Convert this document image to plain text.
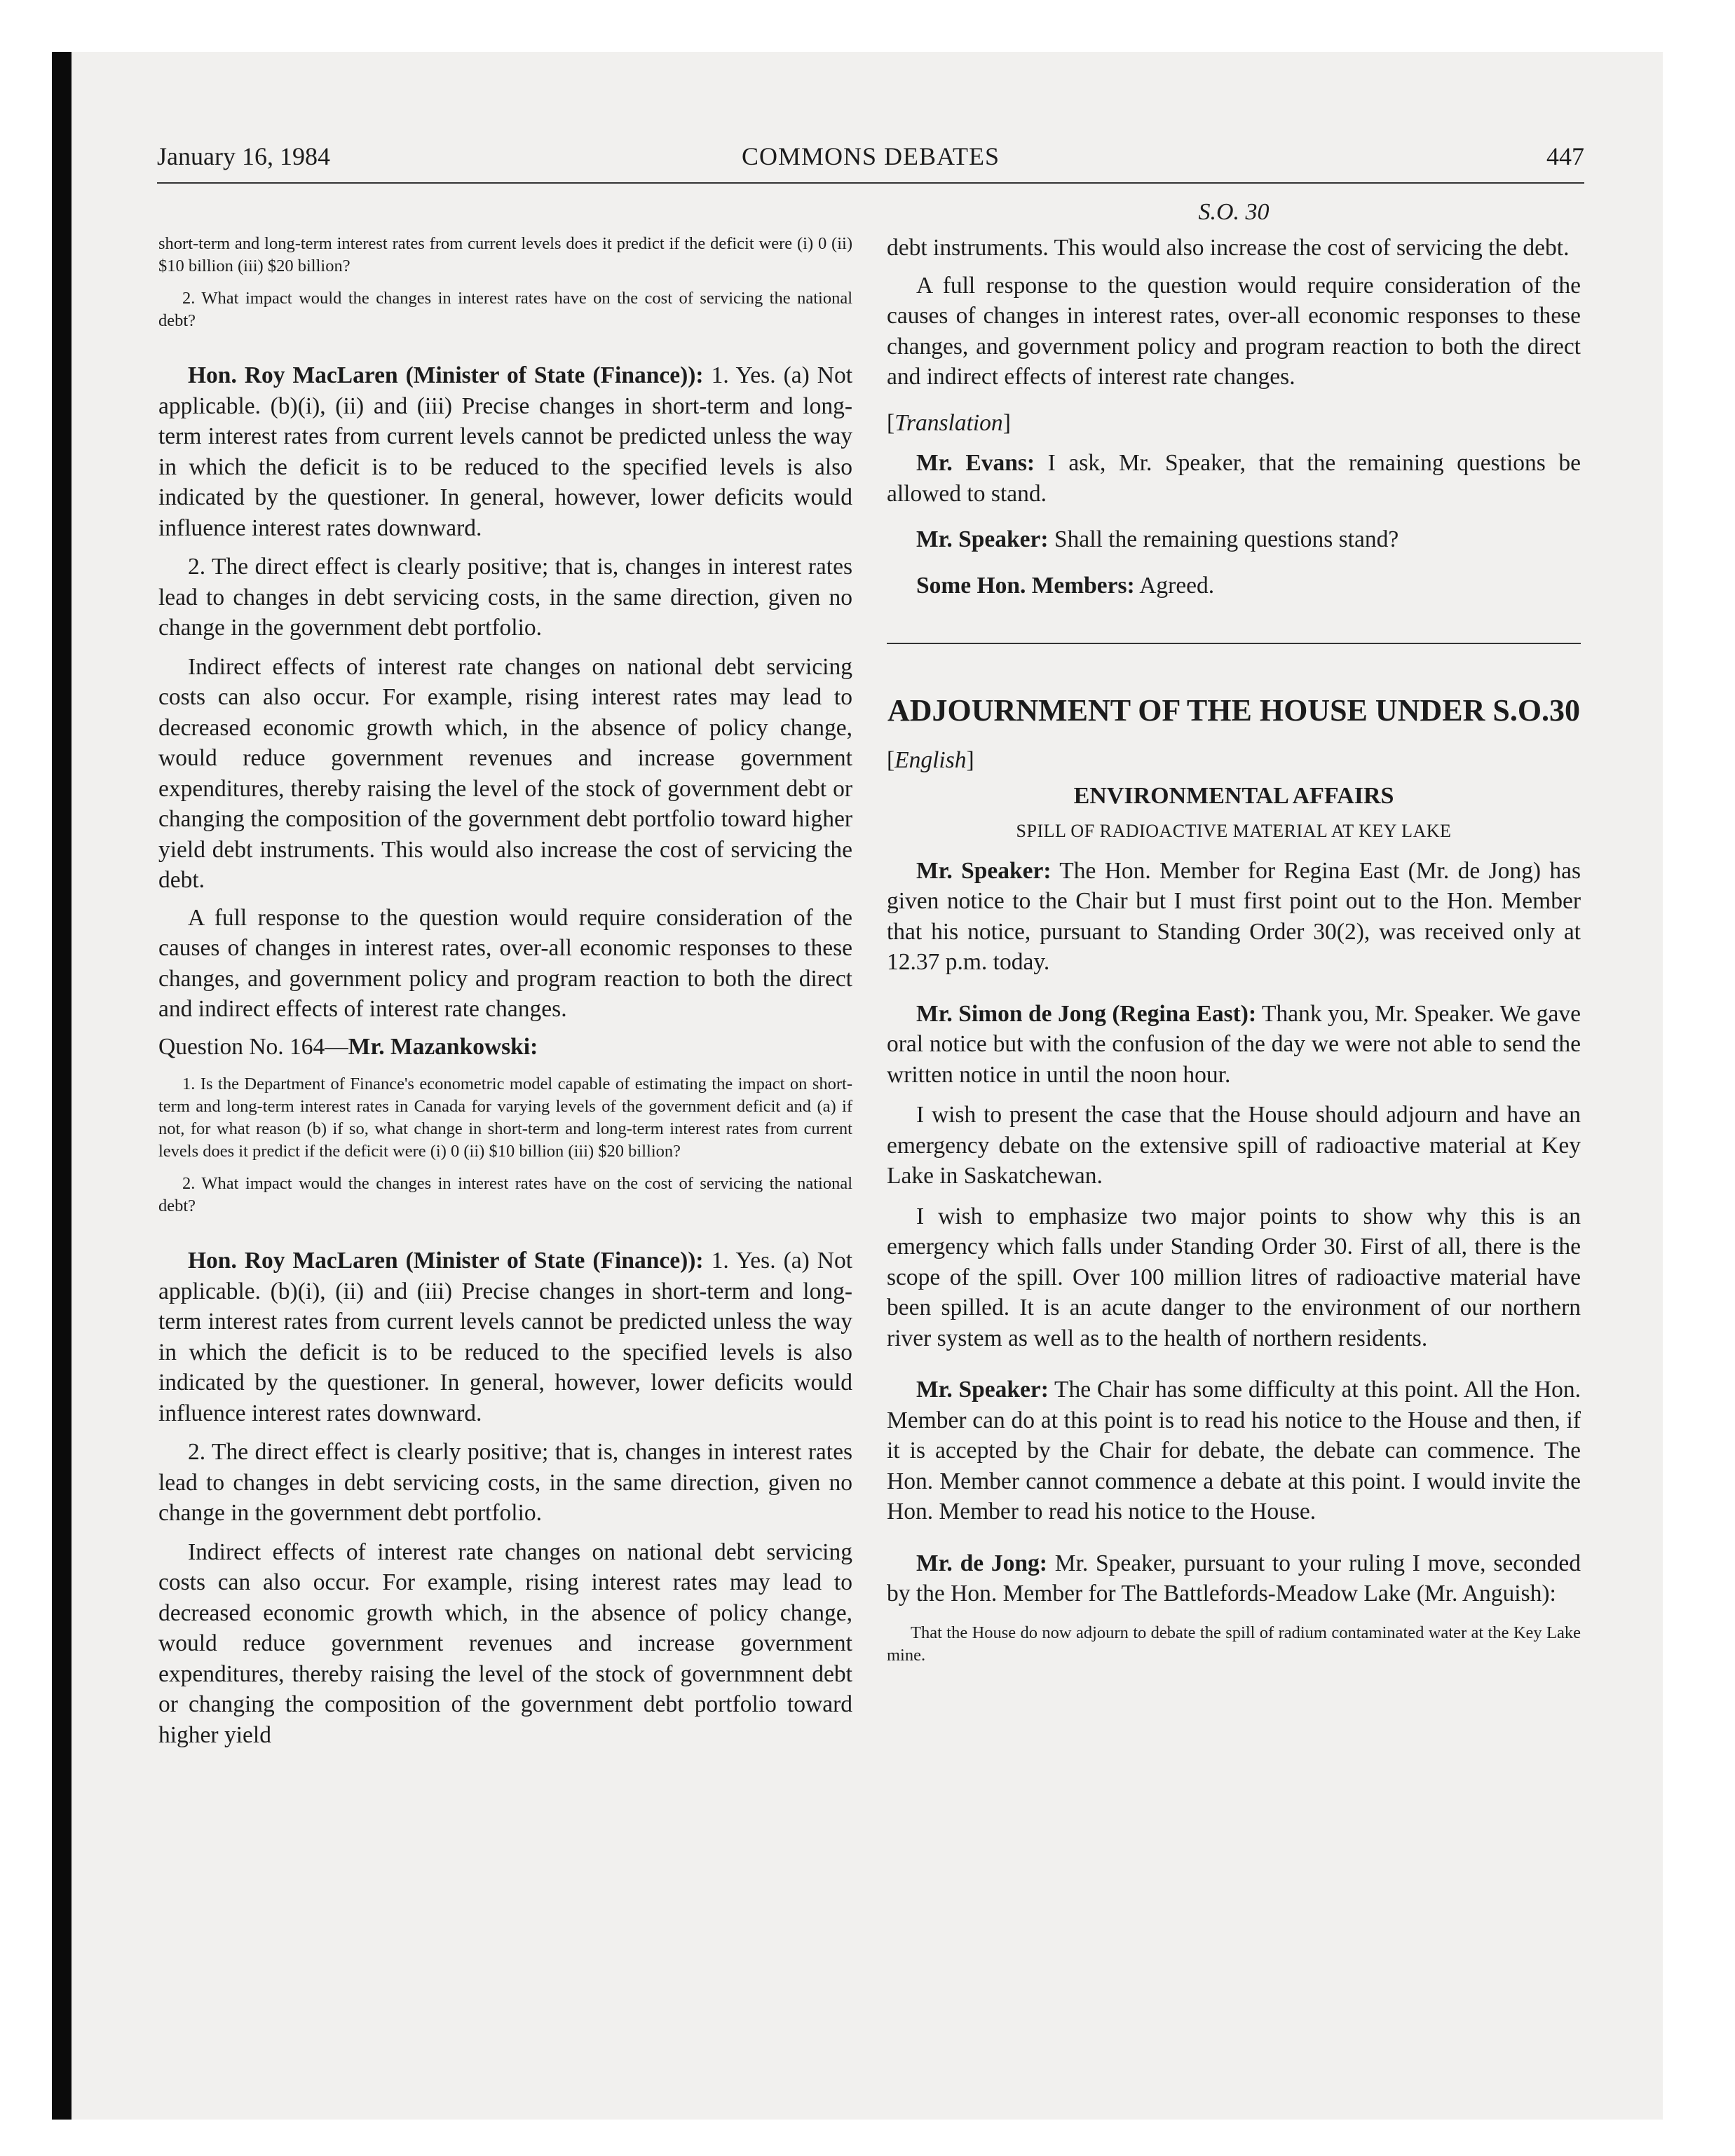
January 16, 1984	COMMONS DEBATES	447

short-term and long-term interest rates from current levels does it predict if the deficit were (i) 0 (ii) $10 billion (iii) $20 billion?

2. What impact would the changes in interest rates have on the cost of servicing the national debt?

Hon. Roy MacLaren (Minister of State (Finance)): 1. Yes. (a) Not applicable. (b)(i), (ii) and (iii) Precise changes in short-term and long-term interest rates from current levels cannot be predicted unless the way in which the deficit is to be reduced to the specified levels is also indicated by the questioner. In general, however, lower deficits would influence interest rates downward.

2. The direct effect is clearly positive; that is, changes in interest rates lead to changes in debt servicing costs, in the same direction, given no change in the government debt portfolio.

Indirect effects of interest rate changes on national debt servicing costs can also occur. For example, rising interest rates may lead to decreased economic growth which, in the absence of policy change, would reduce government revenues and increase government expenditures, thereby raising the level of the stock of government debt or changing the composition of the government debt portfolio toward higher yield debt instruments. This would also increase the cost of servicing the debt.

A full response to the question would require consideration of the causes of changes in interest rates, over-all economic responses to these changes, and government policy and program reaction to both the direct and indirect effects of interest rate changes.

Question No. 164—Mr. Mazankowski:

1. Is the Department of Finance's econometric model capable of estimating the impact on short-term and long-term interest rates in Canada for varying levels of the government deficit and (a) if not, for what reason (b) if so, what change in short-term and long-term interest rates from current levels does it predict if the deficit were (i) 0 (ii) $10 billion (iii) $20 billion?

2. What impact would the changes in interest rates have on the cost of servicing the national debt?

Hon. Roy MacLaren (Minister of State (Finance)): 1. Yes. (a) Not applicable. (b)(i), (ii) and (iii) Precise changes in short-term and long-term interest rates from current levels cannot be predicted unless the way in which the deficit is to be reduced to the specified levels is also indicated by the questioner. In general, however, lower deficits would influence interest rates downward.

2. The direct effect is clearly positive; that is, changes in interest rates lead to changes in debt servicing costs, in the same direction, given no change in the government debt portfolio.

Indirect effects of interest rate changes on national debt servicing costs can also occur. For example, rising interest rates may lead to decreased economic growth which, in the absence of policy change, would reduce government revenues and increase government expenditures, thereby raising the level of the stock of governmnent debt or changing the composition of the government debt portfolio toward higher yield

S.O. 30

debt instruments. This would also increase the cost of servicing the debt.

A full response to the question would require consideration of the causes of changes in interest rates, over-all economic responses to these changes, and government policy and program reaction to both the direct and indirect effects of interest rate changes.

[Translation]

Mr. Evans: I ask, Mr. Speaker, that the remaining questions be allowed to stand.

Mr. Speaker: Shall the remaining questions stand?

Some Hon. Members: Agreed.

ADJOURNMENT OF THE HOUSE UNDER S.O.30

[English]

ENVIRONMENTAL AFFAIRS

SPILL OF RADIOACTIVE MATERIAL AT KEY LAKE

Mr. Speaker: The Hon. Member for Regina East (Mr. de Jong) has given notice to the Chair but I must first point out to the Hon. Member that his notice, pursuant to Standing Order 30(2), was received only at 12.37 p.m. today.

Mr. Simon de Jong (Regina East): Thank you, Mr. Speaker. We gave oral notice but with the confusion of the day we were not able to send the written notice in until the noon hour.

I wish to present the case that the House should adjourn and have an emergency debate on the extensive spill of radioactive material at Key Lake in Saskatchewan.

I wish to emphasize two major points to show why this is an emergency which falls under Standing Order 30. First of all, there is the scope of the spill. Over 100 million litres of radioactive material have been spilled. It is an acute danger to the environment of our northern river system as well as to the health of northern residents.

Mr. Speaker: The Chair has some difficulty at this point. All the Hon. Member can do at this point is to read his notice to the House and then, if it is accepted by the Chair for debate, the debate can commence. The Hon. Member cannot commence a debate at this point. I would invite the Hon. Member to read his notice to the House.

Mr. de Jong: Mr. Speaker, pursuant to your ruling I move, seconded by the Hon. Member for The Battlefords-Meadow Lake (Mr. Anguish):

That the House do now adjourn to debate the spill of radium contaminated water at the Key Lake mine.
